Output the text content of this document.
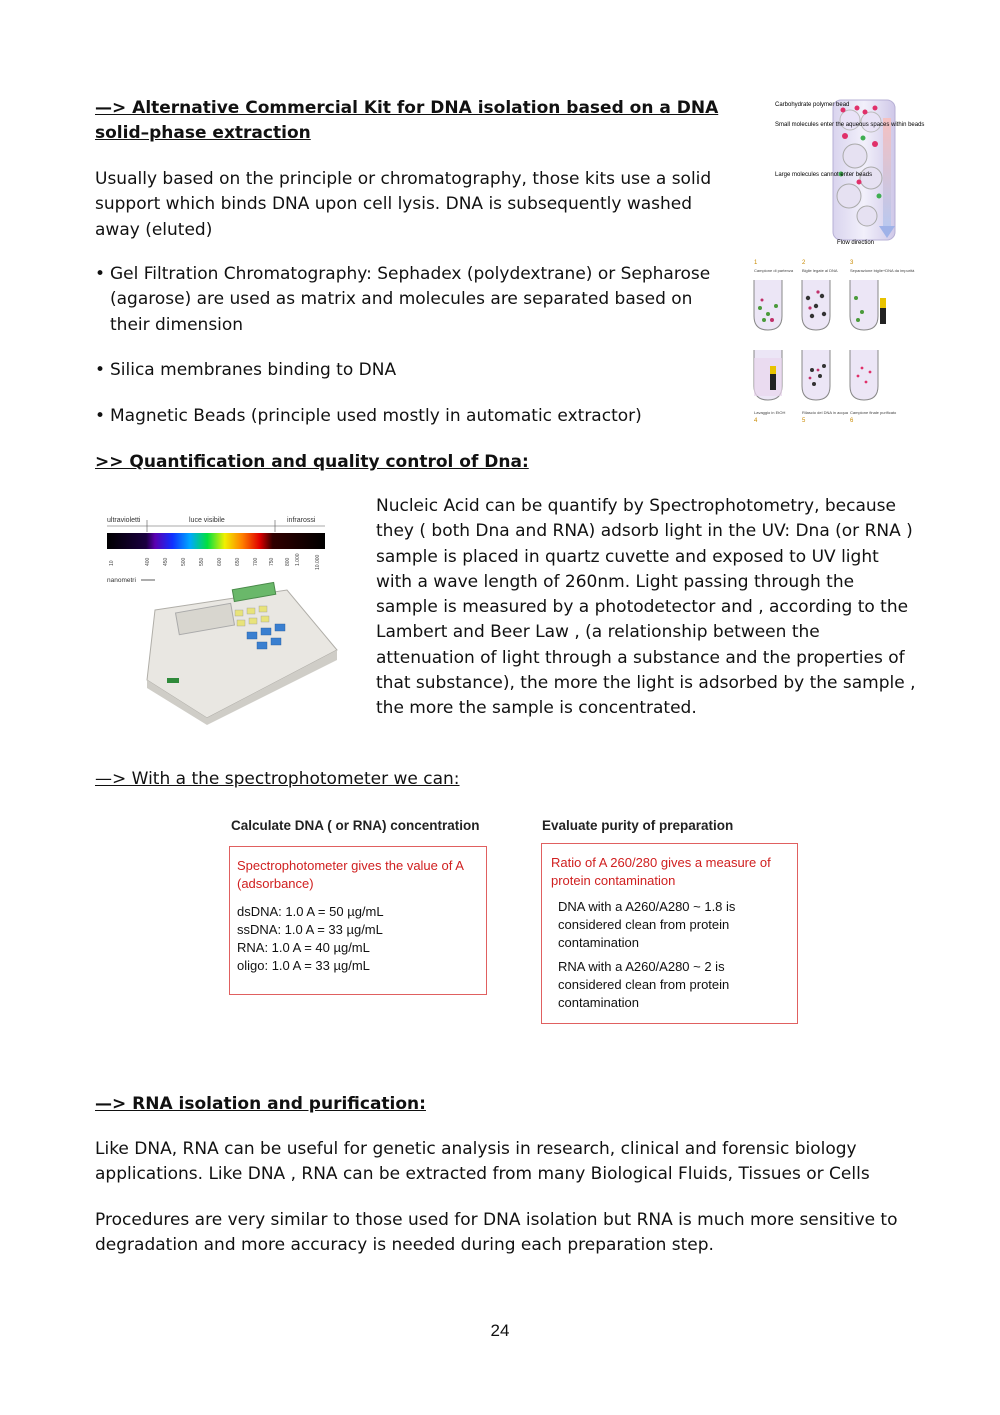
—> Alternative Commercial Kit for DNA isolation based on a DNA
solid–phase extraction
Usually based on the principle or chromatography, those kits use a solid support which binds DNA upon cell lysis. DNA is subsequently washed away (eluted)
• Gel Filtration Chromatography: Sephadex (polydextrane) or Sepharose (agarose) are used as matrix and molecules are separated based on their dimension
• Silica membranes binding to DNA
• Magnetic Beads (principle used mostly in automatic extractor)
Carbohydrate polymer bead
Small molecules enter the aqueous spaces within beads
Large molecules cannot enter beads
Flow direction
1	2	3
4	5	6
Campione di partenza Biglie legate al DNA	Separazione biglie+DNA da impurità
Lavaggio in EtOH	Rilascio del DNA in acqua Campione finale purificato
>> Quantification and quality control of Dna:
ultravioletti	luce visibile	infrarossi
10	400 450 500 550 600 650 700 750 800 1.000	10.000
nanometri
Nucleic Acid can be quantify by Spectrophotometry, because they ( both Dna and RNA) adsorb light in the UV: Dna (or RNA ) sample is placed in quartz cuvette and exposed to UV light with a wave length of 260nm. Light passing through the sample is measured by a photodetector and , according to the Lambert and Beer Law , (a relationship between the attenuation of light through a substance and the properties of that substance), the more the light is adsorbed by the sample , the more the sample is concentrated.
—> With a the spectrophotometer we can:
Calculate DNA ( or RNA) concentration
Spectrophotometer gives the value of A (adsorbance)
dsDNA: 1.0 A = 50 µg/mL
ssDNA: 1.0 A = 33 µg/mL
RNA: 1.0 A = 40 µg/mL
oligo: 1.0 A = 33 µg/mL
Evaluate purity of preparation
Ratio of A 260/280 gives a measure of protein contamination
DNA with a A260/A280 ~ 1.8 is considered clean from protein contamination
RNA with a A260/A280 ~ 2 is considered clean from protein contamination
—> RNA isolation and purification:
Like DNA, RNA can be useful for genetic analysis in research, clinical and forensic biology applications. Like DNA , RNA can be extracted from many Biological Fluids, Tissues or Cells
Procedures are very similar to those used for DNA isolation but RNA is much more sensitive to degradation and more accuracy is needed during each preparation step.
24
